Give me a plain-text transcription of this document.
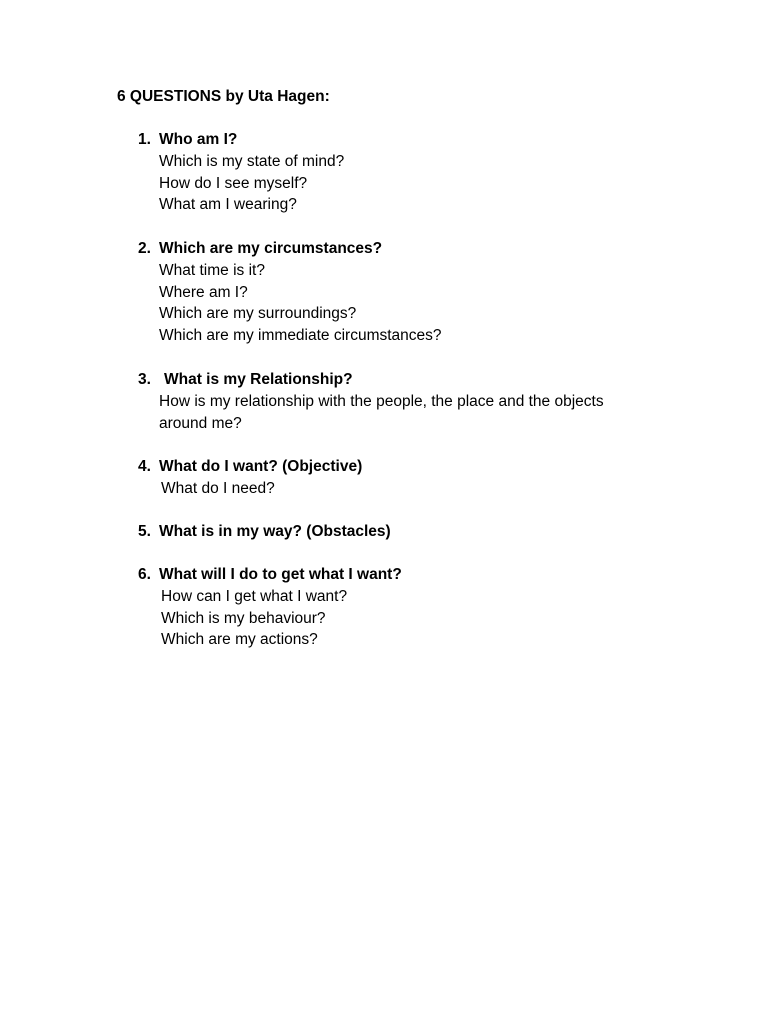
6 QUESTIONS by Uta Hagen:
1. Who am I?
Which is my state of mind?
How do I see myself?
What am I wearing?
2. Which are my circumstances?
What time is it?
Where am I?
Which are my surroundings?
Which are my immediate circumstances?
3. What is my Relationship?
How is my relationship with the people, the place and the objects around me?
4. What do I want? (Objective)
What do I need?
5. What is in my way? (Obstacles)
6. What will I do to get what I want?
How can I get what I want?
Which is my behaviour?
Which are my actions?
